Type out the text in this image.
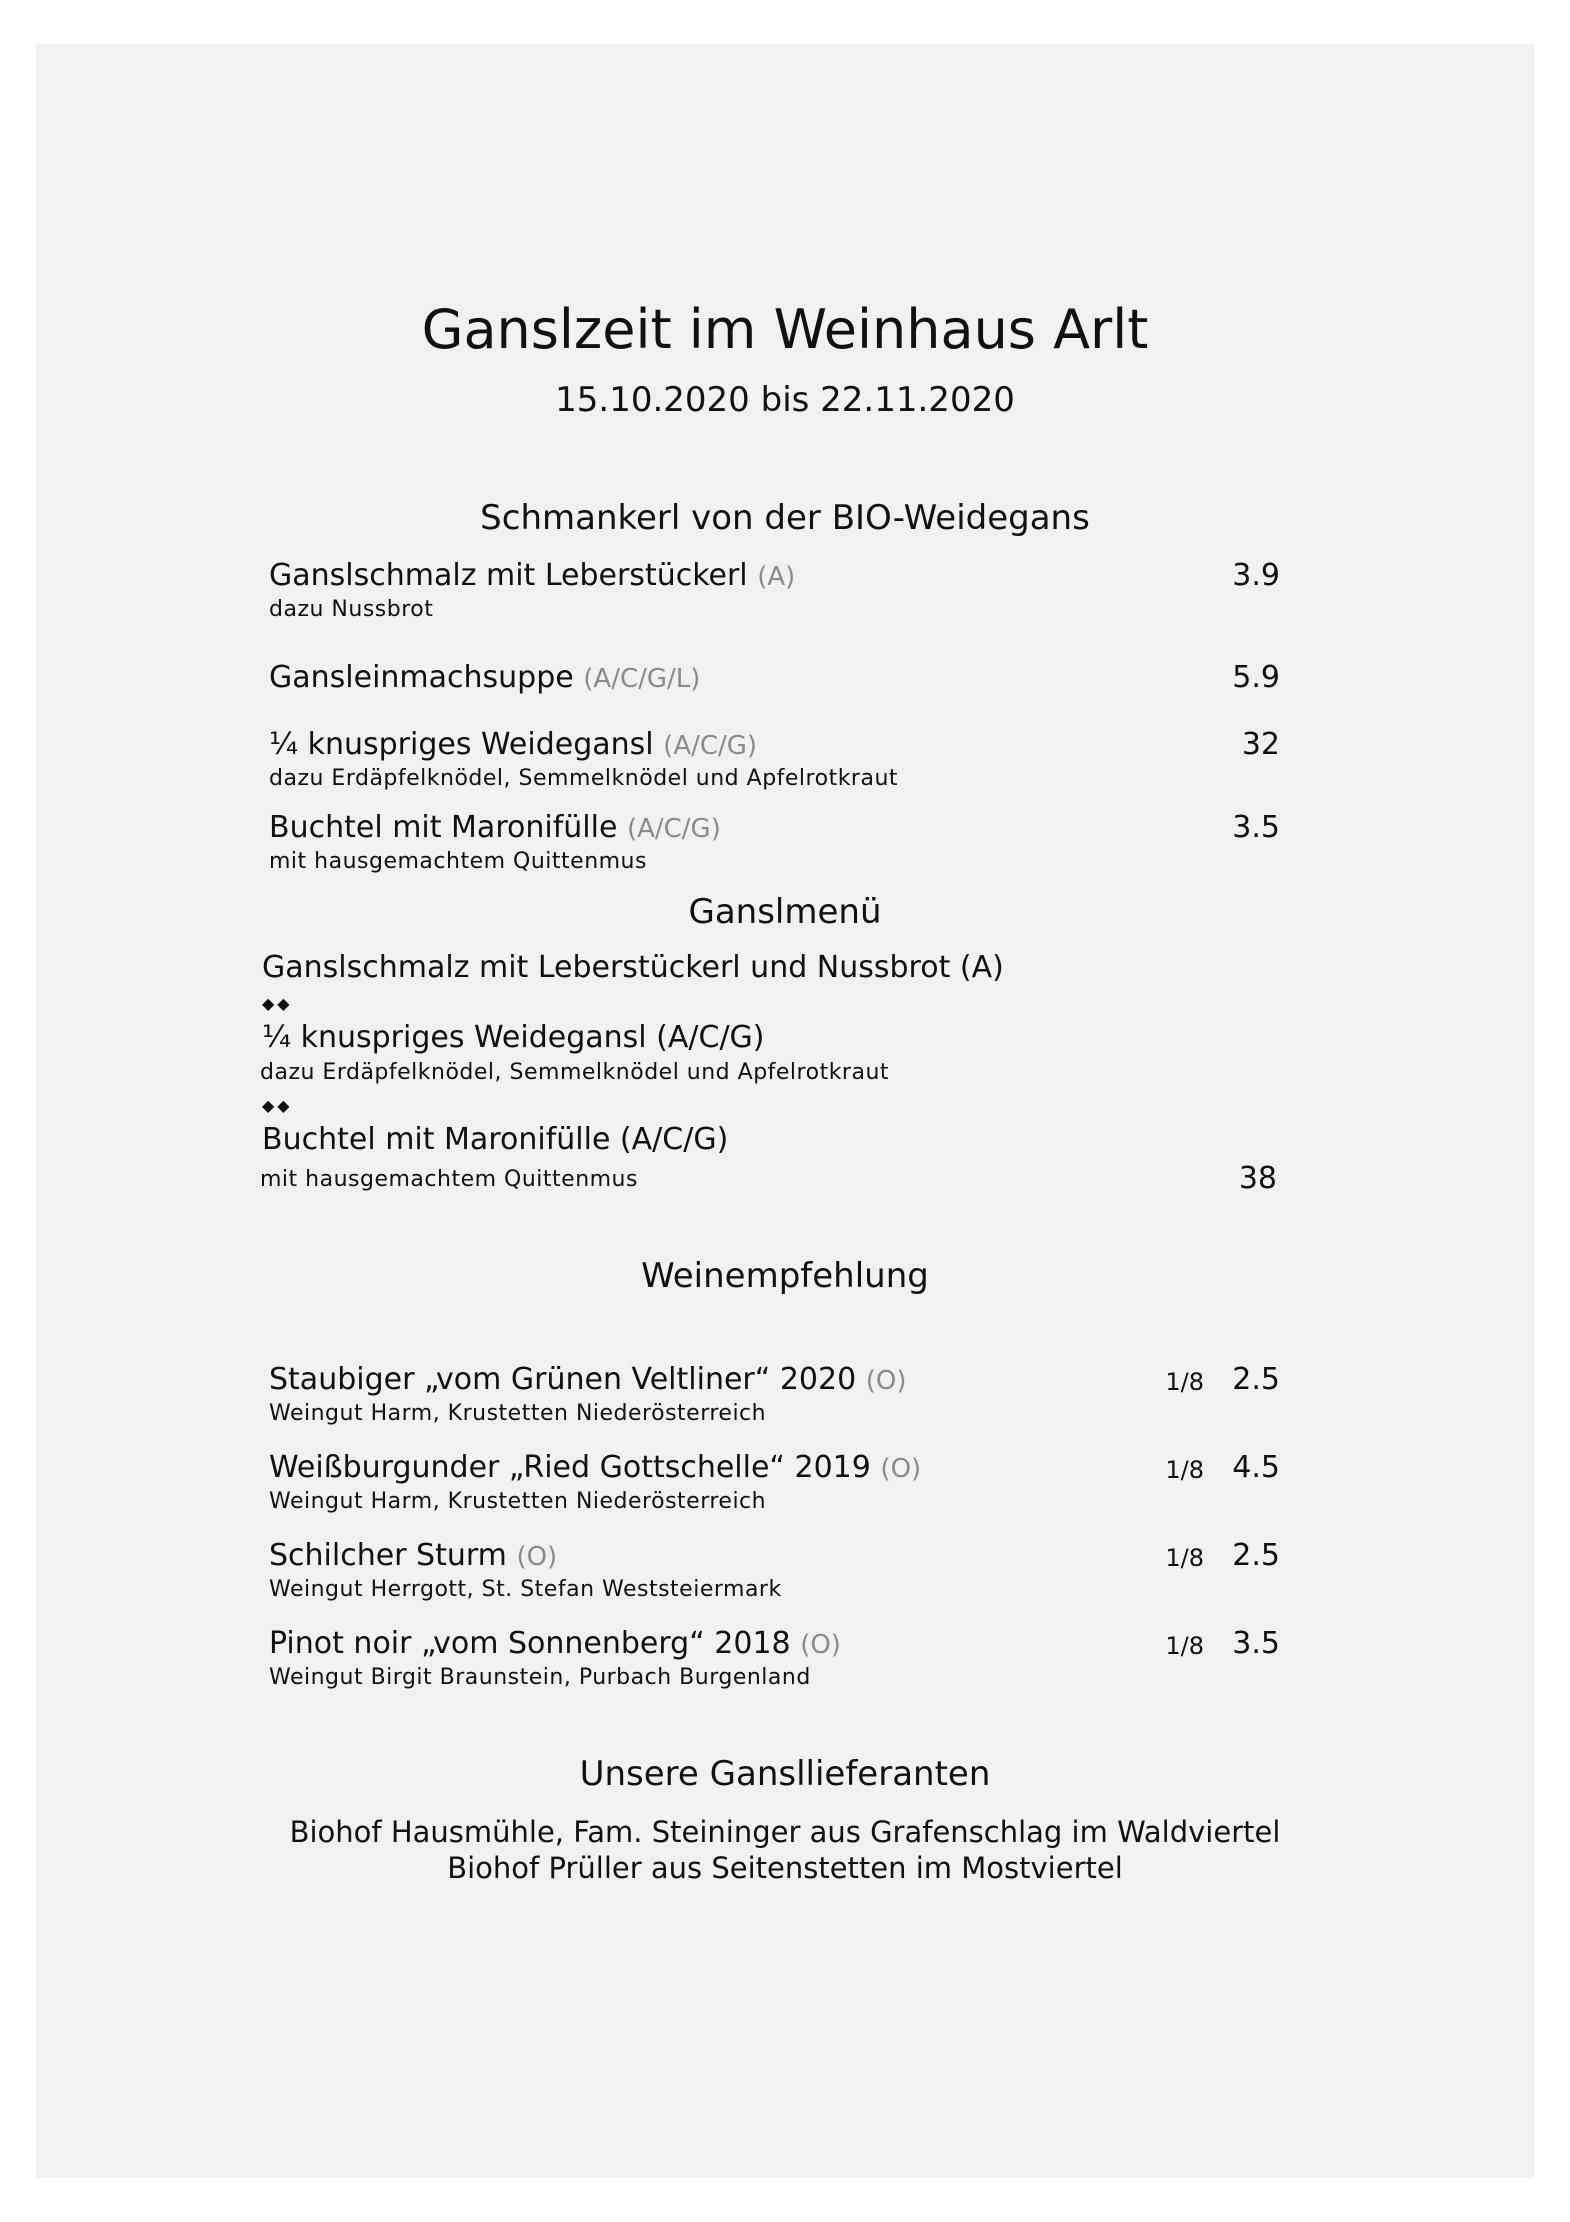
Ganslzeit im Weinhaus Arlt
15.10.2020 bis 22.11.2020
Schmankerl von der BIO-Weidegans
Ganslschmalz mit Leberstückerl (A)
dazu Nussbrot
3.9
Gansleinmachsuppe (A/C/G/L)	5.9
¼ knuspriges Weidegansl (A/C/G)
dazu Erdäpfelknödel, Semmelknödel und Apfelrotkraut
32
Buchtel mit Maronifülle (A/C/G)
mit hausgemachtem Quittenmus
3.5
Ganslmenü
Ganslschmalz mit Leberstückerl und Nussbrot (A)
◆◆
¼ knuspriges Weidegansl (A/C/G)
dazu Erdäpfelknödel, Semmelknödel und Apfelrotkraut
◆◆
Buchtel mit Maronifülle (A/C/G)
mit hausgemachtem Quittenmus	38
Weinempfehlung
Staubiger „vom Grünen Veltliner“ 2020 (O)
Weingut Harm, Krustetten Niederösterreich
1/8 2.5
Weißburgunder „Ried Gottschelle“ 2019 (O)
Weingut Harm, Krustetten Niederösterreich
1/8 4.5
Schilcher Sturm (O)
Weingut Herrgott, St. Stefan Weststeiermark
1/8 2.5
Pinot noir „vom Sonnenberg“ 2018 (O)
Weingut Birgit Braunstein, Purbach Burgenland
1/8 3.5
Unsere Gansllieferanten
Biohof Hausmühle, Fam. Steininger aus Grafenschlag im Waldviertel
Biohof Prüller aus Seitenstetten im Mostviertel
